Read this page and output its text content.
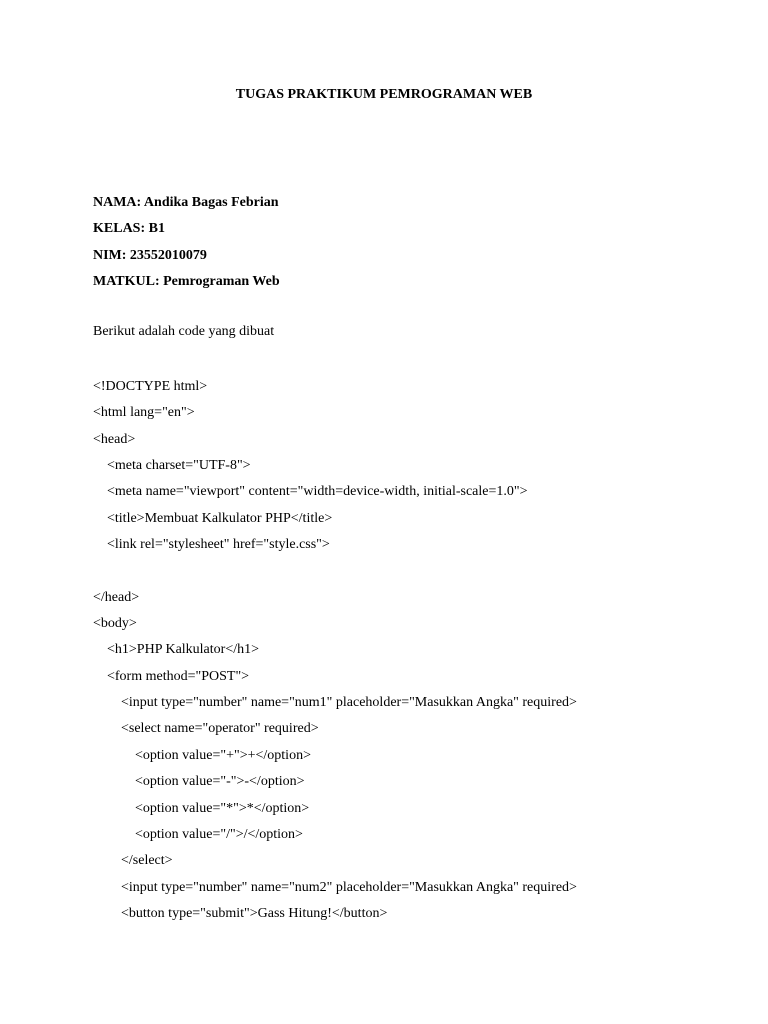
TUGAS PRAKTIKUM PEMROGRAMAN WEB
NAMA: Andika Bagas Febrian
KELAS: B1
NIM: 23552010079
MATKUL: Pemrograman Web
Berikut adalah code yang dibuat
<!DOCTYPE html>
<html lang="en">
<head>
<meta charset="UTF-8">
<meta name="viewport" content="width=device-width, initial-scale=1.0">
<title>Membuat Kalkulator PHP</title>
<link rel="stylesheet" href="style.css">
</head>
<body>
<h1>PHP Kalkulator</h1>
<form method="POST">
<input type="number" name="num1" placeholder="Masukkan Angka" required>
<select name="operator" required>
<option value="+">+</option>
<option value="-">-</option>
<option value="*">*</option>
<option value="/">/</option>
</select>
<input type="number" name="num2" placeholder="Masukkan Angka" required>
<button type="submit">Gass Hitung!</button>
